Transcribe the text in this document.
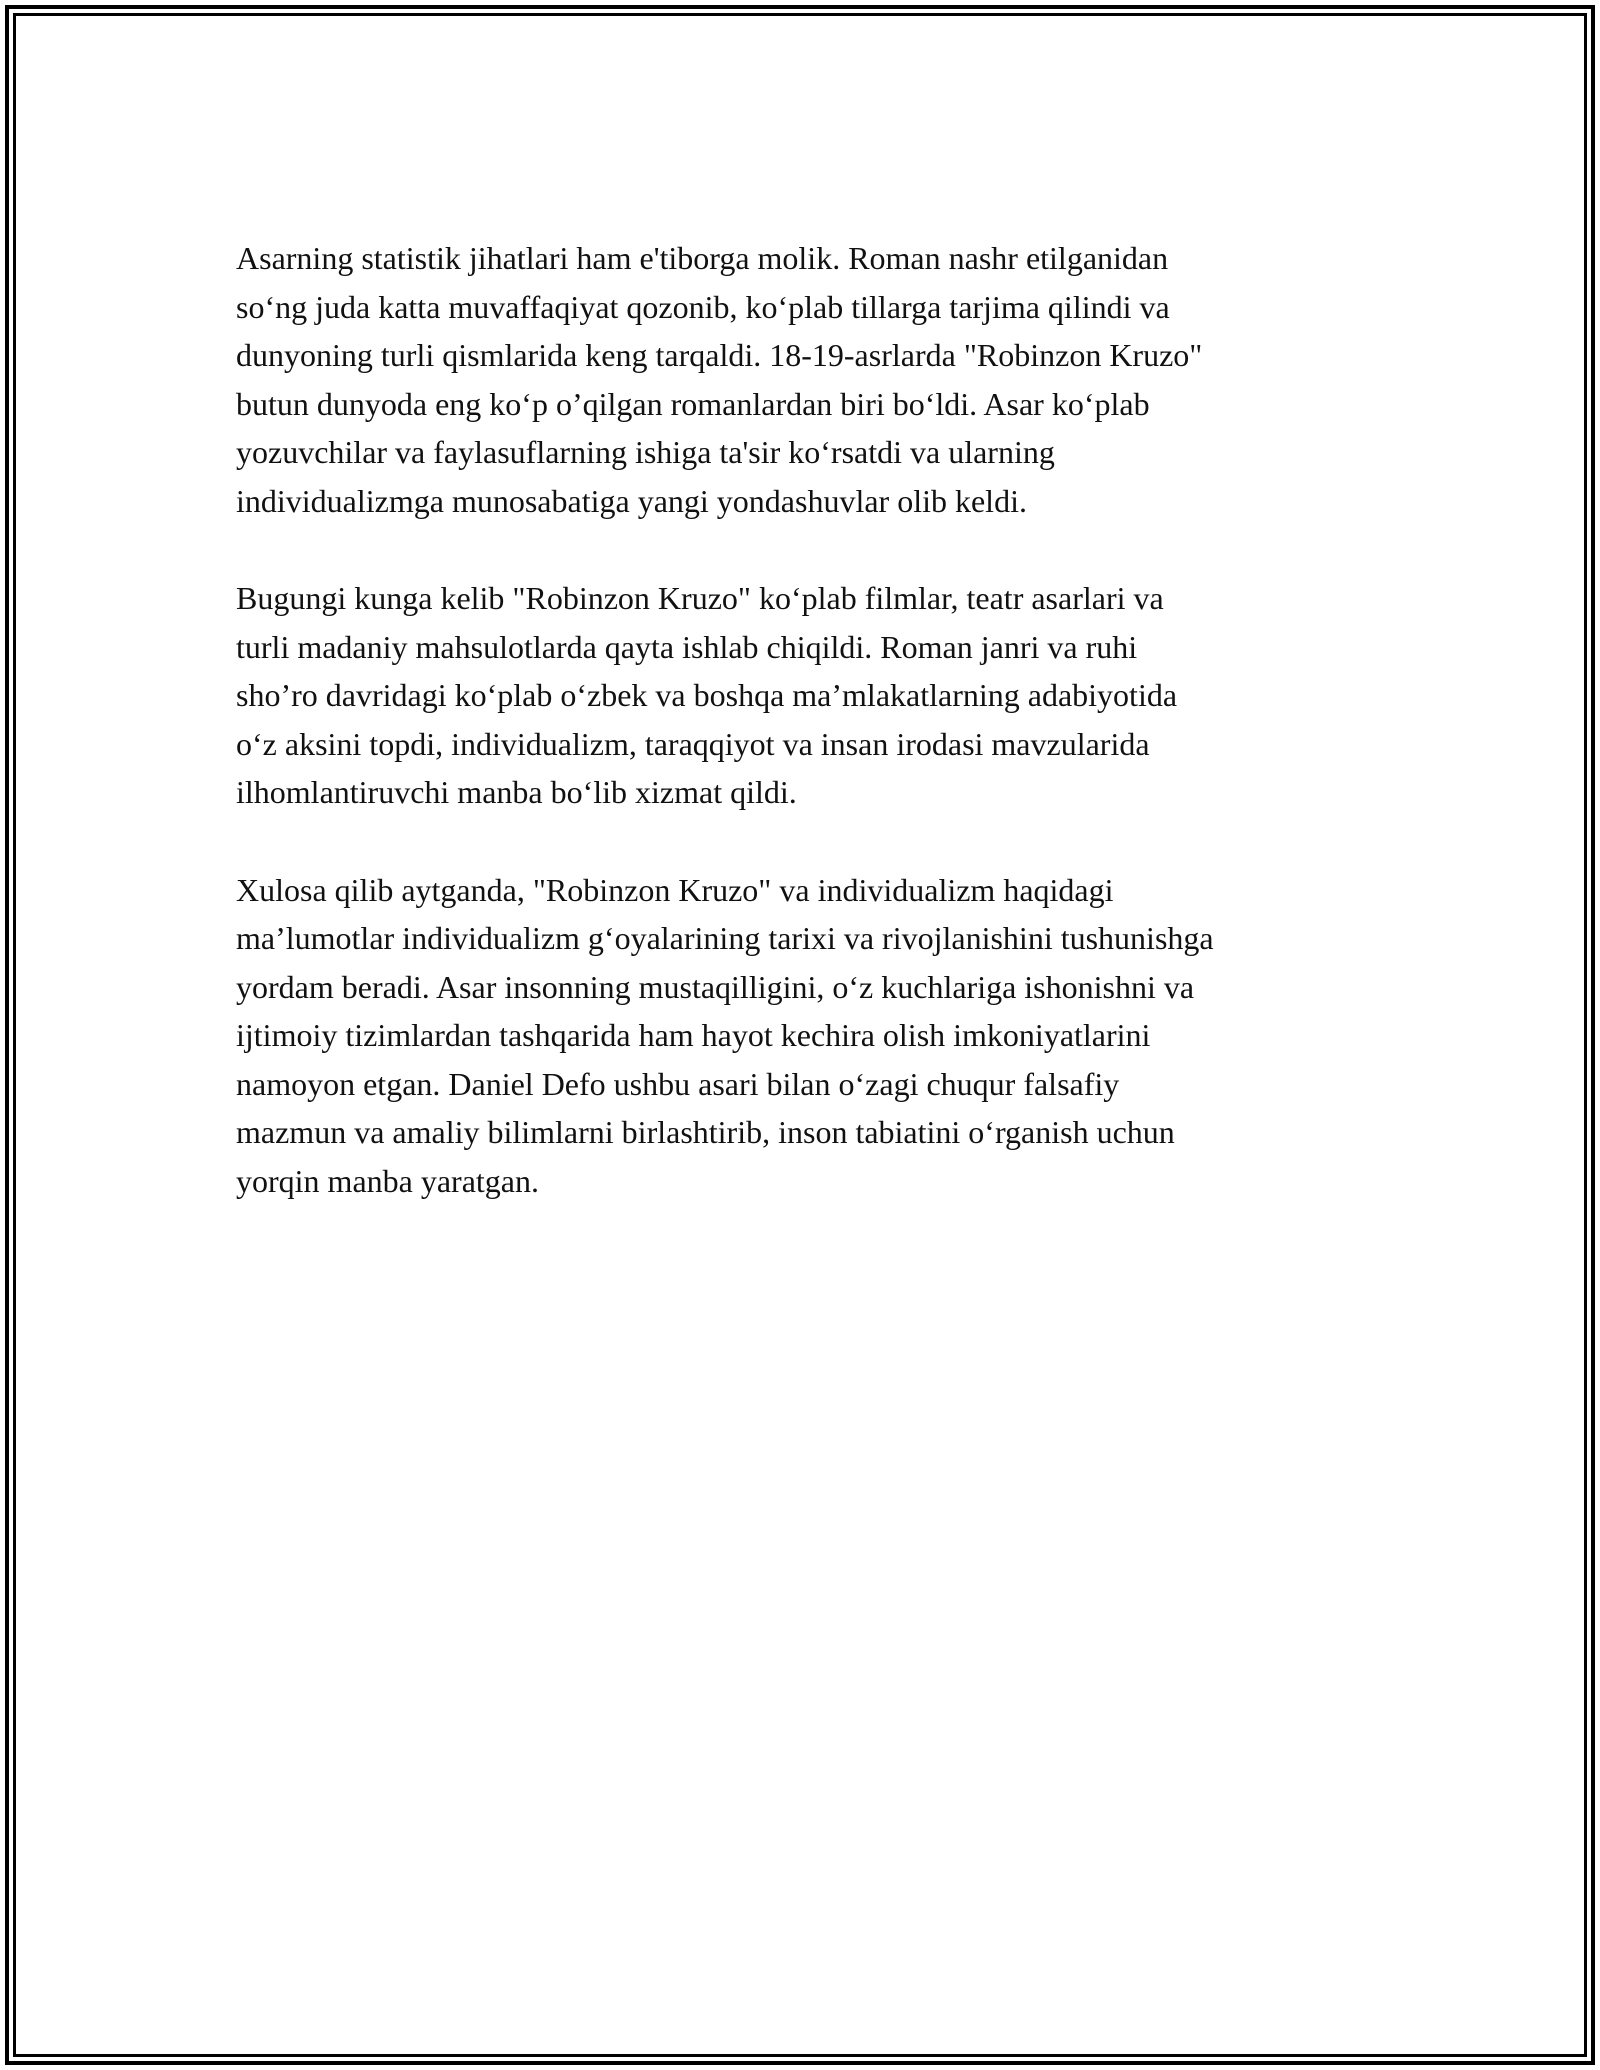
Asarning statistik jihatlari ham e'tiborga molik. Roman nashr etilganidan
so‘ng juda katta muvaffaqiyat qozonib, ko‘plab tillarga tarjima qilindi va
dunyoning turli qismlarida keng tarqaldi. 18-19-asrlarda "Robinzon Kruzo"
butun dunyoda eng ko‘p o’qilgan romanlardan biri bo‘ldi. Asar ko‘plab
yozuvchilar va faylasuflarning ishiga ta'sir ko‘rsatdi va ularning
individualizmga munosabatiga yangi yondashuvlar olib keldi.

Bugungi kunga kelib "Robinzon Kruzo" ko‘plab filmlar, teatr asarlari va
turli madaniy mahsulotlarda qayta ishlab chiqildi. Roman janri va ruhi
sho’ro davridagi ko‘plab o‘zbek va boshqa ma’mlakatlarning adabiyotida
o‘z aksini topdi, individualizm, taraqqiyot va insan irodasi mavzularida
ilhomlantiruvchi manba bo‘lib xizmat qildi.

Xulosa qilib aytganda, "Robinzon Kruzo" va individualizm haqidagi
ma’lumotlar individualizm g‘oyalarining tarixi va rivojlanishini tushunishga
yordam beradi. Asar insonning mustaqilligini, o‘z kuchlariga ishonishni va
ijtimoiy tizimlardan tashqarida ham hayot kechira olish imkoniyatlarini
namoyon etgan. Daniel Defo ushbu asari bilan o‘zagi chuqur falsafiy
mazmun va amaliy bilimlarni birlashtirib, inson tabiatini o‘rganish uchun
yorqin manba yaratgan.
